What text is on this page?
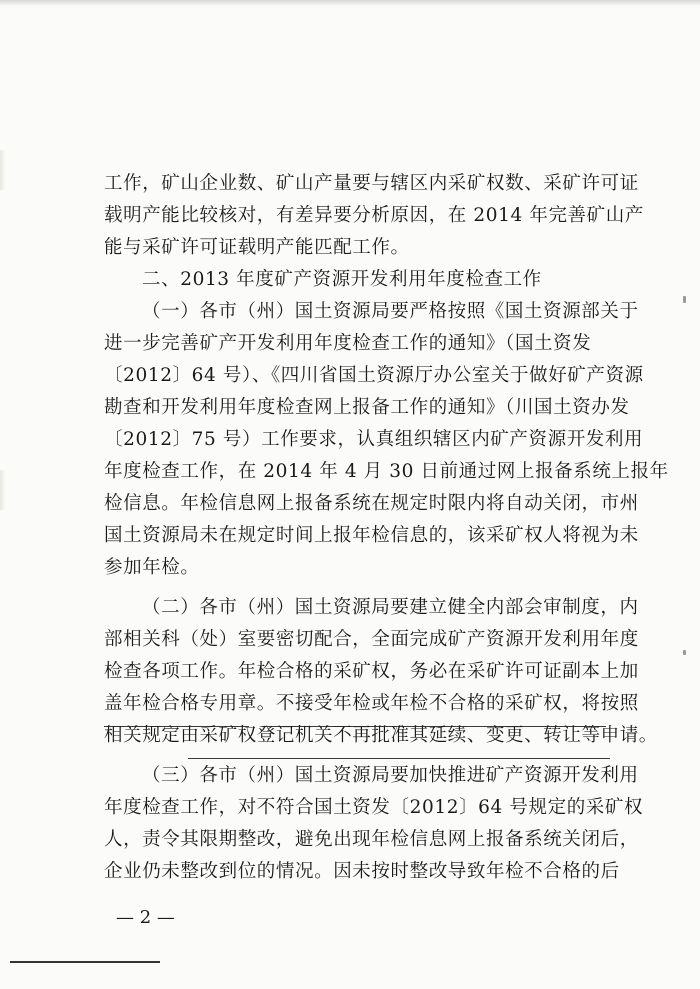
工作，矿山企业数、矿山产量要与辖区内采矿权数、采矿许可证
载明产能比较核对，有差异要分析原因，在 2014 年完善矿山产
能与采矿许可证载明产能匹配工作。
二、2013 年度矿产资源开发利用年度检查工作
（一）各市（州）国土资源局要严格按照《国土资源部关于
进一步完善矿产开发利用年度检查工作的通知》（国土资发
〔2012〕64 号）、《四川省国土资源厅办公室关于做好矿产资源
勘查和开发利用年度检查网上报备工作的通知》（川国土资办发
〔2012〕75 号）工作要求，认真组织辖区内矿产资源开发利用
年度检查工作，在 2014 年 4 月 30 日前通过网上报备系统上报年
检信息。年检信息网上报备系统在规定时限内将自动关闭，市州
国土资源局未在规定时间上报年检信息的，该采矿权人将视为未
参加年检。
（二）各市（州）国土资源局要建立健全内部会审制度，内
部相关科（处）室要密切配合，全面完成矿产资源开发利用年度
检查各项工作。年检合格的采矿权，务必在采矿许可证副本上加
盖年检合格专用章。不接受年检或年检不合格的采矿权，将按照
相关规定由采矿权登记机关不再批准其延续、变更、转让等申请。
（三）各市（州）国土资源局要加快推进矿产资源开发利用
年度检查工作，对不符合国土资发〔2012〕64 号规定的采矿权
人，责令其限期整改，避免出现年检信息网上报备系统关闭后，
企业仍未整改到位的情况。因未按时整改导致年检不合格的后
— 2 —
